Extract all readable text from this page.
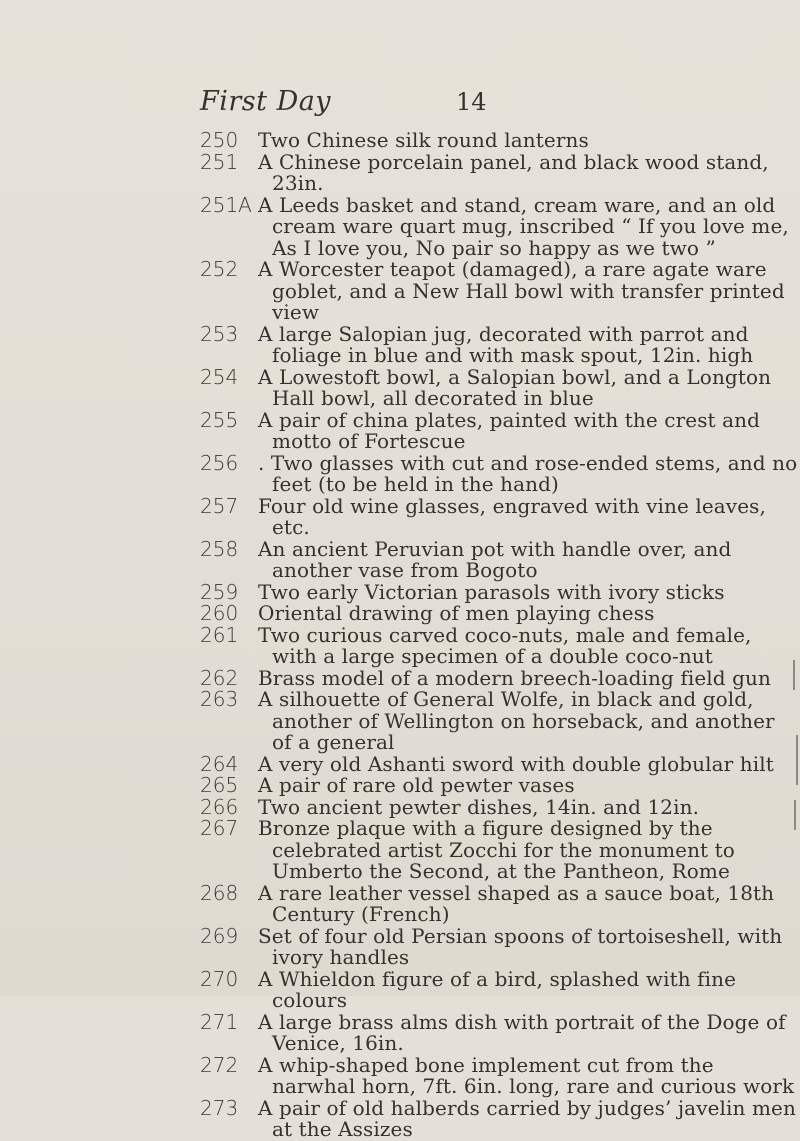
First Day	14
250 Two Chinese silk round lanterns
251 A Chinese porcelain panel, and black wood stand, 23in.
251A A Leeds basket and stand, cream ware, and an old cream ware quart mug, inscribed “ If you love me, As I love you, No pair so happy as we two ”
252 A Worcester teapot (damaged), a rare agate ware goblet, and a New Hall bowl with transfer printed view
253 A large Salopian jug, decorated with parrot and foliage in blue and with mask spout, 12in. high
254 A Lowestoft bowl, a Salopian bowl, and a Longton Hall bowl, all decorated in blue
255 A pair of china plates, painted with the crest and motto of Fortescue
256 . Two glasses with cut and rose-ended stems, and no feet (to be held in the hand)
257 Four old wine glasses, engraved with vine leaves, etc.
258 An ancient Peruvian pot with handle over, and another vase from Bogoto
259 Two early Victorian parasols with ivory sticks
260 Oriental drawing of men playing chess
261 Two curious carved coco-nuts, male and female, with a large specimen of a double coco-nut
262 Brass model of a modern breech-loading field gun
263 A silhouette of General Wolfe, in black and gold, another of Wellington on horseback, and another of a general
264 A very old Ashanti sword with double globular hilt
265 A pair of rare old pewter vases
266 Two ancient pewter dishes, 14in. and 12in.
267 Bronze plaque with a figure designed by the celebrated artist Zocchi for the monument to Umberto the Second, at the Pantheon, Rome
268 A rare leather vessel shaped as a sauce boat, 18th Century (French)
269 Set of four old Persian spoons of tortoiseshell, with ivory handles
270 A Whieldon figure of a bird, splashed with fine colours
271 A large brass alms dish with portrait of the Doge of Venice, 16in.
272 A whip-shaped bone implement cut from the narwhal horn, 7ft. 6in. long, rare and curious work
273 A pair of old halberds carried by judges’ javelin men at the Assizes
